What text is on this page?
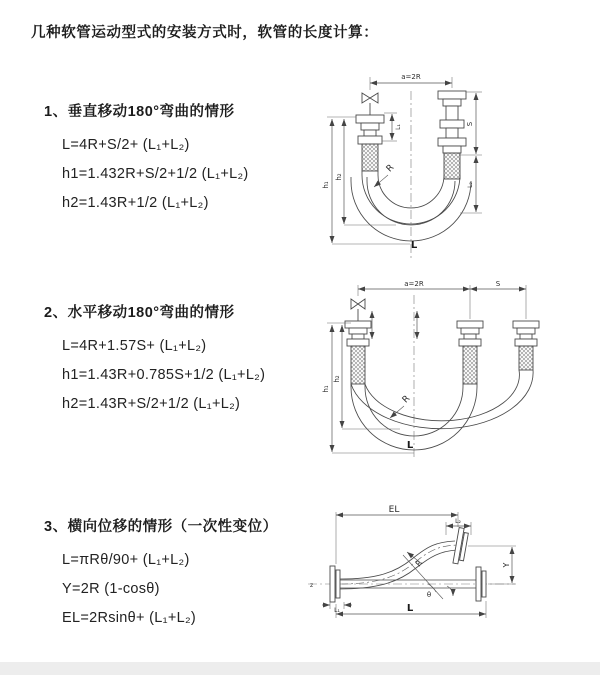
几种软管运动型式的安装方式时，软管的长度计算：

1、垂直移动180°弯曲的情形

L=4R+S/2+ (L₁+L₂)

h1=1.432R+S/2+1/2 (L₁+L₂)

h2=1.43R+1/2 (L₁+L₂)

a=2R
R
h₁
h₂
L₁
S
L₂
L

2、水平移动180°弯曲的情形

L=4R+1.57S+ (L₁+L₂)

h1=1.43R+0.785S+1/2 (L₁+L₂)

h2=1.43R+S/2+1/2 (L₁+L₂)

a=2R	S
h₁
h₂
R
L

3、横向位移的情形（一次性变位）

L=πRθ/90+ (L₁+L₂)

Y=2R (1-cosθ)

EL=2Rsinθ+ (L₁+L₂)

z
EL
L₂
Y
R
θ
L
L₁
